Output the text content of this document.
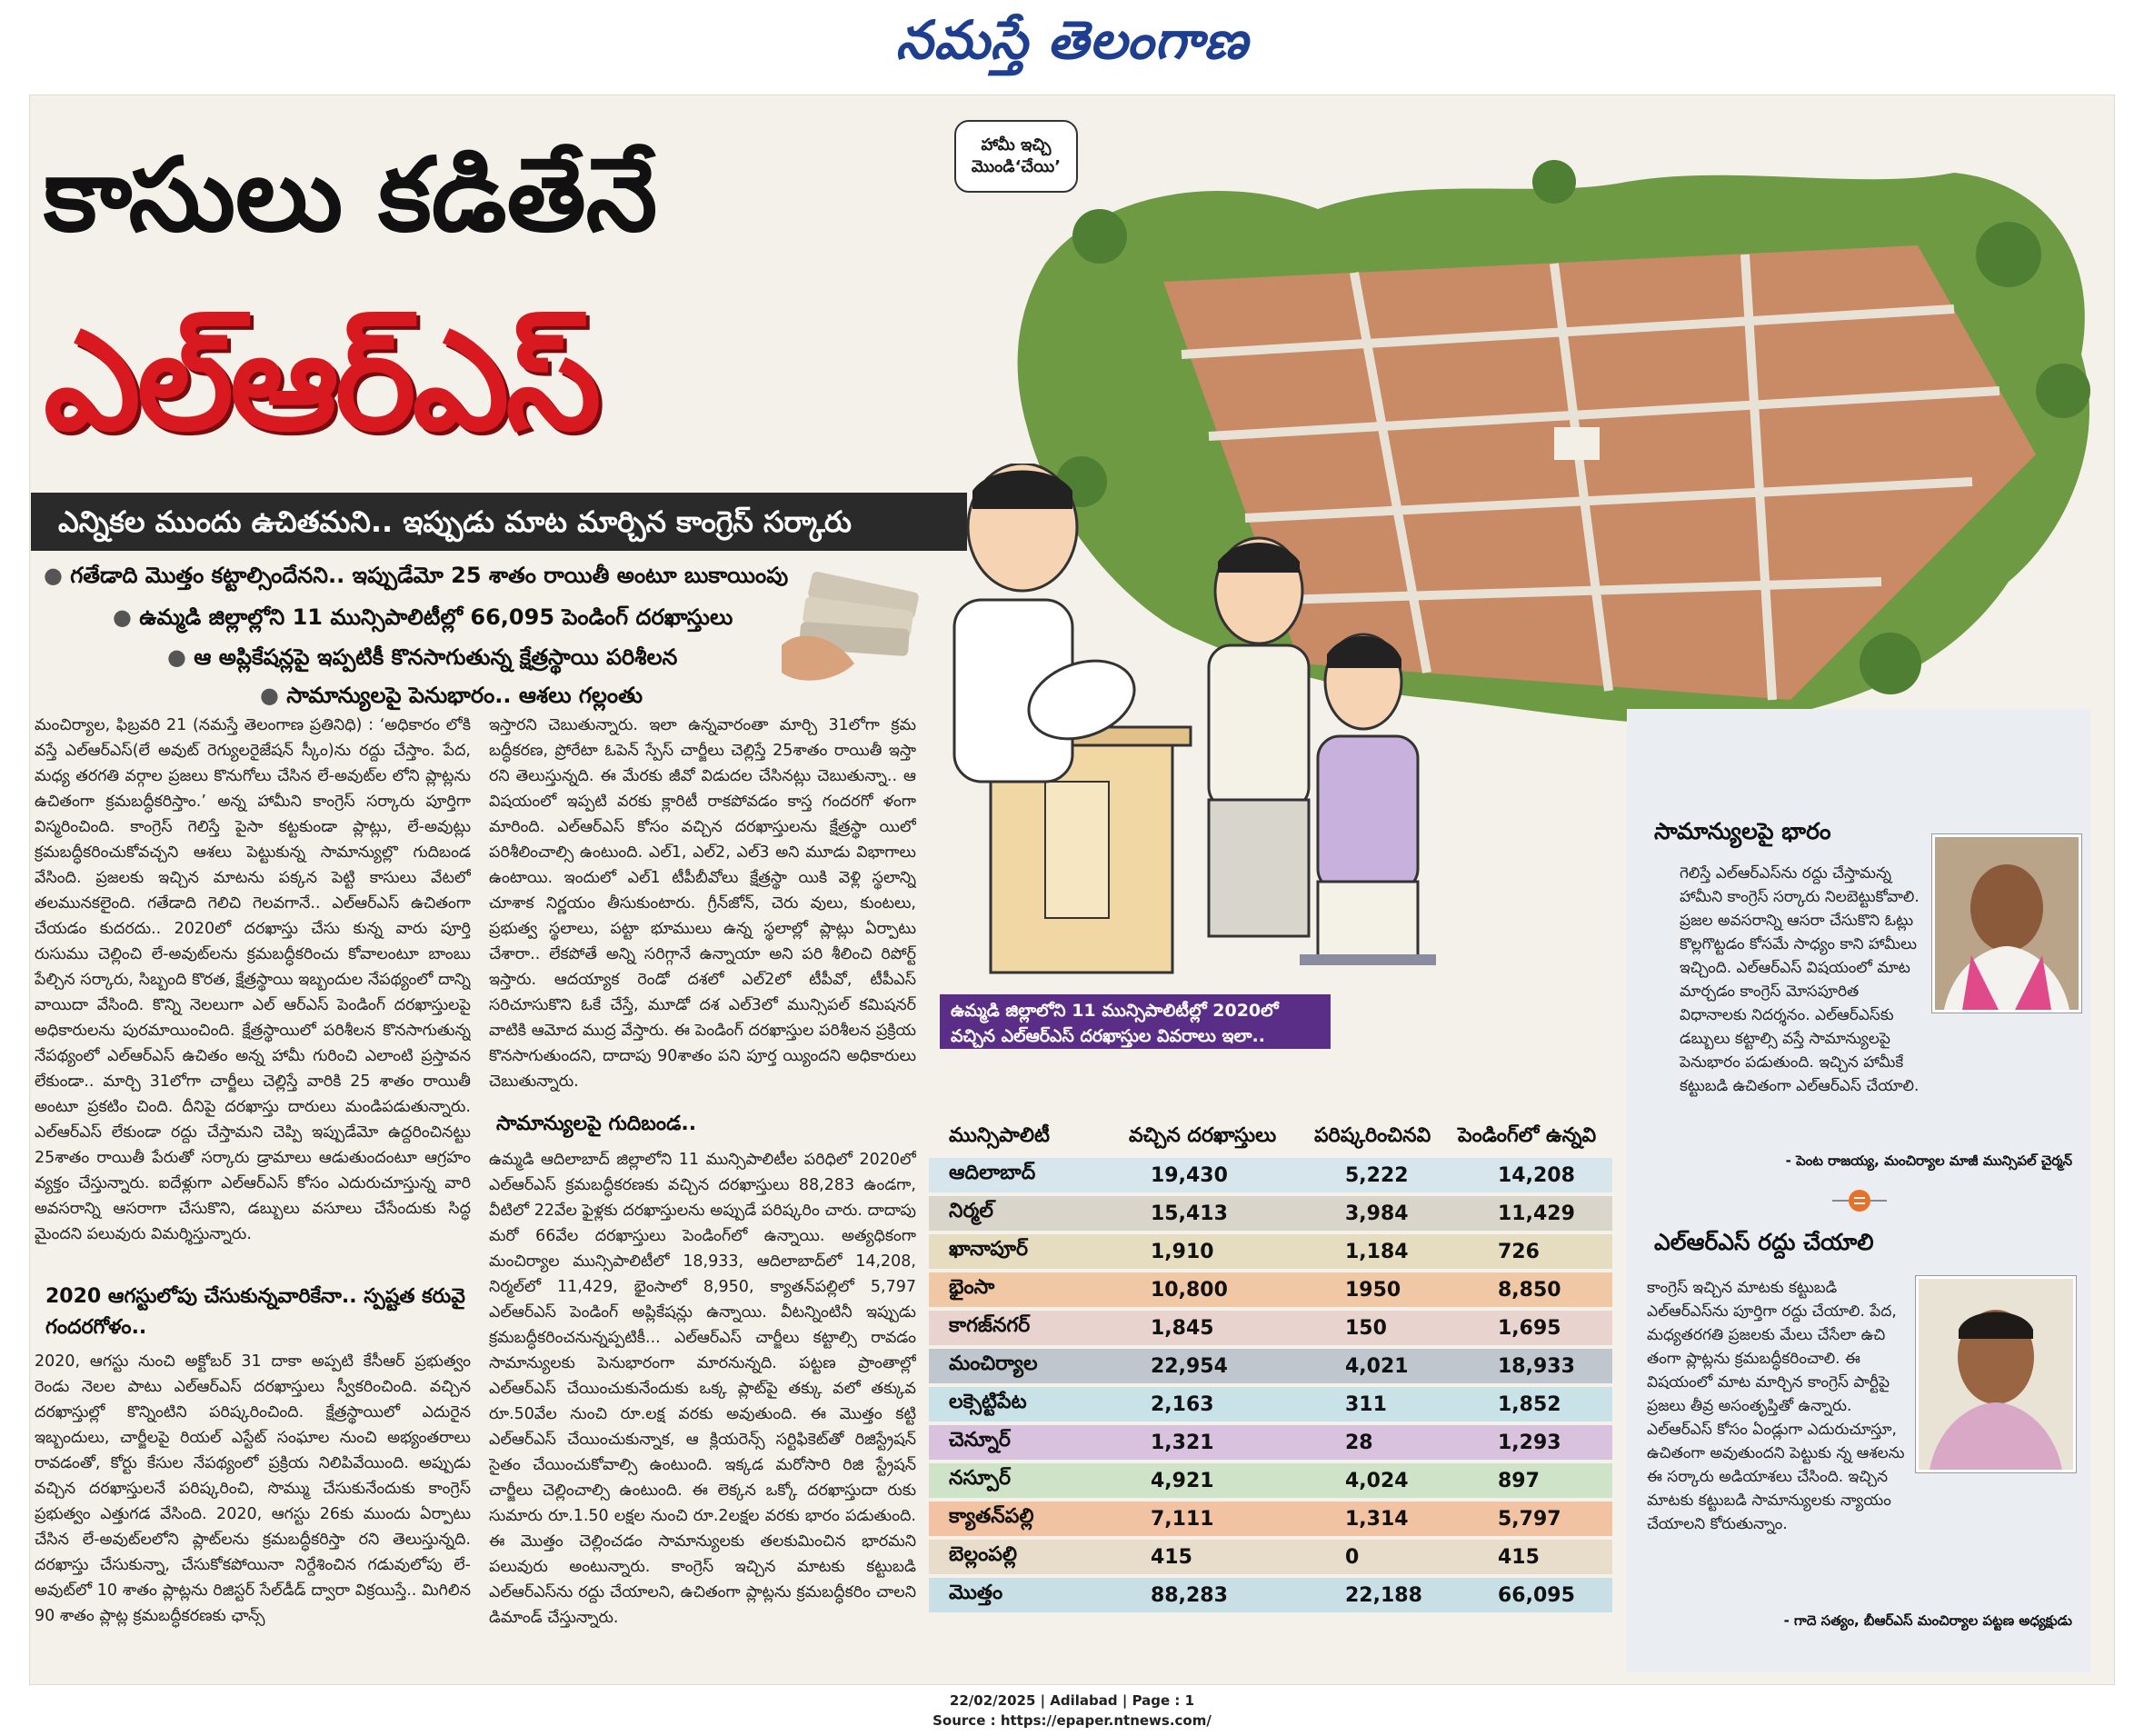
నమస్తే తెలంగాణ
కాసులు కడితేనే
ఎల్‌ఆర్‌ఎస్‌
ఎన్నికల ముందు ఉచితమని.. ఇప్పుడు మాట మార్చిన కాంగ్రెస్‌ సర్కారు
హామీ ఇచ్చి
మొండి‘చేయి’
● గతేడాది మొత్తం కట్టాల్సిందేనని.. ఇప్పుడేమో 25 శాతం రాయితీ అంటూ బుకాయింపు
● ఉమ్మడి జిల్లాల్లోని 11 మున్సిపాలిటీల్లో 66,095 పెండింగ్‌ దరఖాస్తులు
● ఆ అప్లికేషన్లపై ఇప్పటికీ కొనసాగుతున్న క్షేత్రస్థాయి పరిశీలన
● సామాన్యులపై పెనుభారం.. ఆశలు గల్లంతు

మంచిర్యాల, ఫిబ్రవరి 21 (నమస్తే తెలంగాణ ప్రతినిధి) : ‘అధికారం లోకి వస్తే ఎల్‌ఆర్‌ఎస్‌(లే అవుట్‌ రెగ్యులరైజేషన్‌ స్కీం)ను రద్దు చేస్తాం. పేద, మధ్య తరగతి వర్గాల ప్రజలు కొనుగోలు చేసిన లే-అవుట్‌ల లోని ప్లాట్లను ఉచితంగా క్రమబద్ధీకరిస్తాం.’ అన్న హామీని కాంగ్రెస్‌ సర్కారు పూర్తిగా విస్మరించింది. కాంగ్రెస్‌ గెలిస్తే పైసా కట్టకుండా ప్లాట్లు, లే-అవుట్లు క్రమబద్ధీకరించుకోవచ్చని ఆశలు పెట్టుకున్న సామాన్యుల్లొ గుదిబండ వేసింది. ప్రజలకు ఇచ్చిన మాటను పక్కన పెట్టి కాసులు వేటలో తలమునకలైంది. గతేడాది గెలిచి గెలవగానే.. ఎల్‌ఆర్‌ఎస్‌ ఉచితంగా చేయడం కుదరదు.. 2020లో దరఖాస్తు చేసు కున్న వారు పూర్తి రుసుము చెల్లించి లే-అవుట్‌లను క్రమబద్ధీకరించు కోవాలంటూ బాంబు పేల్చిన సర్కారు, సిబ్బంది కొరత, క్షేత్రస్థాయి ఇబ్బందుల నేపథ్యంలో దాన్ని వాయిదా వేసింది. కొన్ని నెలలుగా ఎల్‌ ఆర్‌ఎస్‌ పెండింగ్‌ దరఖాస్తులపై అధికారులను పురమాయించింది. క్షేత్రస్థాయిలో పరిశీలన కొనసాగుతున్న నేపథ్యంలో ఎల్‌ఆర్‌ఎస్‌ ఉచితం అన్న హామీ గురించి ఎలాంటి ప్రస్తావన లేకుండా.. మార్చి 31లోగా చార్జీలు చెల్లిస్తే వారికి 25 శాతం రాయితీ అంటూ ప్రకటిం చింది. దీనిపై దరఖాస్తు దారులు మండిపడుతున్నారు. ఎల్‌ఆర్‌ఎస్‌ లేకుండా రద్దు చేస్తామని చెప్పి ఇప్పుడేమో ఉద్దరించినట్టు 25శాతం రాయితీ పేరుతో సర్కారు డ్రామాలు ఆడుతుందంటూ ఆగ్రహం వ్యక్తం చేస్తున్నారు. ఐదేళ్లుగా ఎల్‌ఆర్‌ఎస్‌ కోసం ఎదురుచూస్తున్న వారి అవసరాన్ని ఆసరాగా చేసుకొని, డబ్బులు వసూలు చేసేందుకు సిద్ధ మైందని పలువురు విమర్శిస్తున్నారు.

2020 ఆగస్టులోపు చేసుకున్నవారికేనా.. స్పష్టత కరువై గందరగోళం..

2020, ఆగస్టు నుంచి అక్టోబర్‌ 31 దాకా అప్పటి కేసీఆర్‌ ప్రభుత్వం రెండు నెలల పాటు ఎల్‌ఆర్‌ఎస్‌ దరఖాస్తులు స్వీకరించింది. వచ్చిన దరఖాస్తుల్లో కొన్నింటిని పరిష్కరించింది. క్షేత్రస్థాయిలో ఎదురైన ఇబ్బందులు, చార్జీలపై రియల్‌ ఎస్టేట్‌ సంఘాల నుంచి అభ్యంతరాలు రావడంతో, కోర్టు కేసుల నేపథ్యంలో ప్రక్రియ నిలిపివేయింది. అప్పుడు వచ్చిన దరఖాస్తులనే పరిష్కరించి, సొమ్ము చేసుకునేందుకు కాంగ్రెస్‌ ప్రభుత్వం ఎత్తుగడ వేసింది. 2020, ఆగస్టు 26కు ముందు ఏర్పాటు చేసిన లే-అవుట్‌లలోని ప్లాట్‌లను క్రమబద్ధీకరిస్తా రని తెలుస్తున్నది. దరఖాస్తు చేసుకున్నా, చేసుకోకపోయినా నిర్దేశించిన గడువులోపు లే-అవుట్‌లో 10 శాతం ప్లాట్లను రిజిస్టర్‌ సేల్‌డీడ్‌ ద్వారా విక్రయిస్తే.. మిగిలిన 90 శాతం ప్లాట్ల క్రమబద్ధీకరణకు ఛాన్స్‌

ఇస్తారని చెబుతున్నారు. ఇలా ఉన్నవారంతా మార్చి 31లోగా క్రమ బద్ధీకరణ, ప్రోరేటా ఓపెన్‌ స్పేస్‌ చార్జీలు చెల్లిస్తే 25శాతం రాయితీ ఇస్తా రని తెలుస్తున్నది. ఈ మేరకు జీవో విడుదల చేసినట్లు చెబుతున్నా.. ఆ విషయంలో ఇప్పటి వరకు క్లారిటీ రాకపోవడం కాస్త గందరగో ళంగా మారింది. ఎల్‌ఆర్‌ఎస్‌ కోసం వచ్చిన దరఖాస్తులను క్షేత్రస్థా యిలో పరిశీలించాల్సి ఉంటుంది. ఎల్‌1, ఎల్‌2, ఎల్‌3 అని మూడు విభాగాలు ఉంటాయి. ఇందులో ఎల్‌1 టీపీబీవోలు క్షేత్రస్థా యికి వెళ్లి స్థలాన్ని చూశాక నిర్ణయం తీసుకుంటారు. గ్రీన్‌జోన్‌, చెరు వులు, కుంటలు, ప్రభుత్వ స్థలాలు, పట్టా భూములు ఉన్న స్థలాల్లో ప్లాట్లు ఏర్పాటు చేశారా.. లేకపోతే అన్ని సరిగ్గానే ఉన్నాయా అని పరి శీలించి రిపోర్ట్‌ ఇస్తారు. ఆదయ్యాక రెండో దశలో ఎల్‌2లో టీపీవో, టీపీఎస్‌ సరిచూసుకొని ఓకే చేస్తే, మూడో దశ ఎల్‌3లో మున్సిపల్‌ కమిషనర్‌ వాటికి ఆమోద ముద్ర వేస్తారు. ఈ పెండింగ్‌ దరఖాస్తుల పరిశీలన ప్రక్రియ కొనసాగుతుందని, దాదాపు 90శాతం పని పూర్త య్యిందని అధికారులు చెబుతున్నారు.

సామాన్యులపై గుదిబండ..

ఉమ్మడి ఆదిలాబాద్‌ జిల్లాలోని 11 మున్సిపాలిటీల పరిధిలో 2020లో ఎల్‌ఆర్‌ఎస్‌ క్రమబద్ధీకరణకు వచ్చిన దరఖాస్తులు 88,283 ఉండగా, వీటిలో 22వేల ఫైళ్లకు దరఖాస్తులను అప్పుడే పరిష్కరిం చారు. దాదాపు మరో 66వేల దరఖాస్తులు పెండింగ్‌లో ఉన్నాయి. అత్యధికంగా మంచిర్యాల మున్సిపాలిటీలో 18,933, ఆదిలాబాద్‌లో 14,208, నిర్మల్‌లో 11,429, భైంసాలో 8,950, క్యాతన్‌పల్లిలో 5,797 ఎల్‌ఆర్‌ఎస్‌ పెండింగ్‌ అప్లికేషన్లు ఉన్నాయి. వీటన్నింటినీ ఇప్పుడు క్రమబద్ధీకరించనున్నప్పటికీ... ఎల్‌ఆర్‌ఎస్‌ చార్జీలు కట్టాల్సి రావడం సామాన్యులకు పెనుభారంగా మారనున్నది. పట్టణ ప్రాంతాల్లో ఎల్‌ఆర్‌ఎస్‌ చేయించుకునేందుకు ఒక్క ప్లాట్‌పై తక్కు వలో తక్కువ రూ.50వేల నుంచి రూ.లక్ష వరకు అవుతుంది. ఈ మొత్తం కట్టి ఎల్‌ఆర్‌ఎస్‌ చేయించుకున్నాక, ఆ క్లియరెన్స్‌ సర్టిఫికెట్‌తో రిజిస్ట్రేషన్‌ సైతం చేయించుకోవాల్సి ఉంటుంది. ఇక్కడ మరోసారి రిజి స్ట్రేషన్‌ చార్జీలు చెల్లించాల్సి ఉంటుంది. ఈ లెక్కన ఒక్కో దరఖాస్తుదా రుకు సుమారు రూ.1.50 లక్షల నుంచి రూ.2లక్షల వరకు భారం పడుతుంది. ఈ మొత్తం చెల్లించడం సామాన్యులకు తలకుమించిన భారమని పలువురు అంటున్నారు. కాంగ్రెస్‌ ఇచ్చిన మాటకు కట్టుబడి ఎల్‌ఆర్‌ఎస్‌ను రద్దు చేయాలని, ఉచితంగా ప్లాట్లను క్రమబద్ధీకరిం చాలని డిమాండ్‌ చేస్తున్నారు.

ఉమ్మడి జిల్లాలోని 11 మున్సిపాలిటీల్లో 2020లో వచ్చిన ఎల్‌ఆర్‌ఎస్‌ దరఖాస్తుల వివరాలు ఇలా..
మున్సిపాలిటీ	వచ్చిన దరఖాస్తులు	పరిష్కరించినవి	పెండింగ్‌లో ఉన్నవి
ఆదిలాబాద్‌	19,430	5,222	14,208
నిర్మల్‌	15,413	3,984	11,429
ఖానాపూర్‌	1,910	1,184	726
భైంసా	10,800	1950	8,850
కాగజ్‌నగర్‌	1,845	150	1,695
మంచిర్యాల	22,954	4,021	18,933
లక్సెట్టిపేట	2,163	311	1,852
చెన్నూర్‌	1,321	28	1,293
నస్పూర్‌	4,921	4,024	897
క్యాతన్‌పల్లి	7,111	1,314	5,797
బెల్లంపల్లి	415	0	415
మొత్తం	88,283	22,188	66,095
సామాన్యులపై భారం
గెలిస్తే ఎల్‌ఆర్‌ఎస్‌ను రద్దు చేస్తామన్న హామీని కాంగ్రెస్‌ సర్కారు నిలబెట్టుకోవాలి. ప్రజల అవసరాన్ని ఆసరా చేసుకొని ఓట్లు కొల్లగొట్టడం కోసమే సాధ్యం కాని హామీలు ఇచ్చింది. ఎల్‌ఆర్‌ఎస్‌ విషయంలో మాట మార్చడం కాంగ్రెస్‌ మోసపూరిత విధానాలకు నిదర్శనం. ఎల్‌ఆర్‌ఎస్‌కు డబ్బులు కట్టాల్సి వస్తే సామాన్యులపై పెనుభారం పడుతుంది. ఇచ్చిన హామీకే కట్టుబడి ఉచితంగా ఎల్‌ఆర్‌ఎస్‌ చేయాలి.
- పెంట రాజయ్య, మంచిర్యాల మాజీ మున్సిపల్‌ చైర్మన్‌
ఎల్‌ఆర్‌ఎస్‌ రద్దు చేయాలి
కాంగ్రెస్‌ ఇచ్చిన మాటకు కట్టుబడి ఎల్‌ఆర్‌ఎస్‌ను పూర్తిగా రద్దు చేయాలి. పేద, మధ్యతరగతి ప్రజలకు మేలు చేసేలా ఉచి తంగా ప్లాట్లను క్రమబద్ధీకరించాలి. ఈ విషయంలో మాట మార్చిన కాంగ్రెస్‌ పార్టీపై ప్రజలు తీవ్ర అసంతృప్తితో ఉన్నారు. ఎల్‌ఆర్‌ఎస్‌ కోసం ఏండ్లుగా ఎదురుచూస్తూ, ఉచితంగా అవుతుందని పెట్టుకు న్న ఆశలను ఈ సర్కారు అడియాశలు చేసింది. ఇచ్చిన మాటకు కట్టుబడి సామాన్యులకు న్యాయం చేయాలని కోరుతున్నాం.
- గాదె సత్యం, బీఆర్‌ఎస్‌ మంచిర్యాల పట్టణ అధ్యక్షుడు
22/02/2025 | Adilabad | Page : 1
Source : https://epaper.ntnews.com/
